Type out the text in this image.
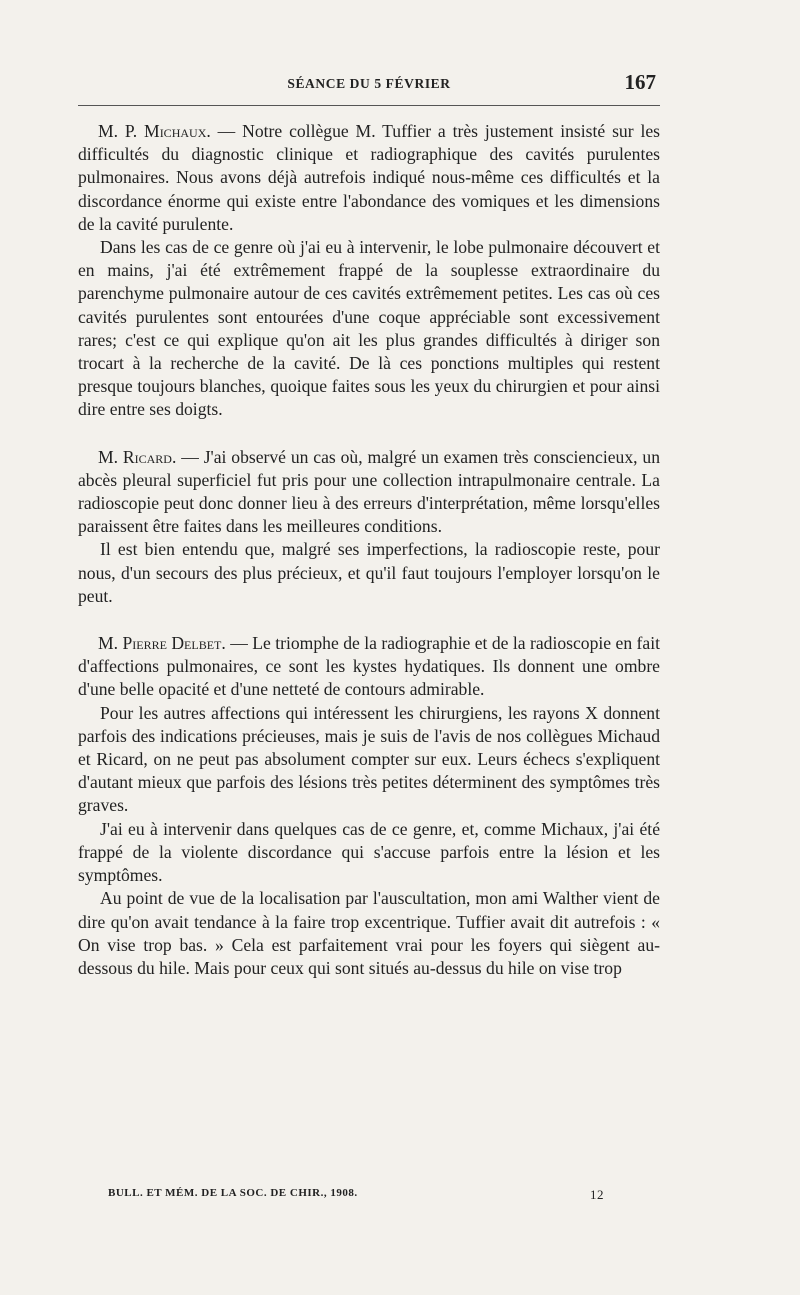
SÉANCE DU 5 FÉVRIER	167

M. P. Michaux. — Notre collègue M. Tuffier a très justement insisté sur les difficultés du diagnostic clinique et radiographique des cavités purulentes pulmonaires. Nous avons déjà autrefois indiqué nous-même ces difficultés et la discordance énorme qui existe entre l'abondance des vomiques et les dimensions de la cavité purulente.

Dans les cas de ce genre où j'ai eu à intervenir, le lobe pulmonaire découvert et en mains, j'ai été extrêmement frappé de la souplesse extraordinaire du parenchyme pulmonaire autour de ces cavités extrêmement petites. Les cas où ces cavités purulentes sont entourées d'une coque appréciable sont excessivement rares; c'est ce qui explique qu'on ait les plus grandes difficultés à diriger son trocart à la recherche de la cavité. De là ces ponctions multiples qui restent presque toujours blanches, quoique faites sous les yeux du chirurgien et pour ainsi dire entre ses doigts.

M. Ricard. — J'ai observé un cas où, malgré un examen très consciencieux, un abcès pleural superficiel fut pris pour une collection intrapulmonaire centrale. La radioscopie peut donc donner lieu à des erreurs d'interprétation, même lorsqu'elles paraissent être faites dans les meilleures conditions.

Il est bien entendu que, malgré ses imperfections, la radioscopie reste, pour nous, d'un secours des plus précieux, et qu'il faut toujours l'employer lorsqu'on le peut.

M. Pierre Delbet. — Le triomphe de la radiographie et de la radioscopie en fait d'affections pulmonaires, ce sont les kystes hydatiques. Ils donnent une ombre d'une belle opacité et d'une netteté de contours admirable.

Pour les autres affections qui intéressent les chirurgiens, les rayons X donnent parfois des indications précieuses, mais je suis de l'avis de nos collègues Michaud et Ricard, on ne peut pas absolument compter sur eux. Leurs échecs s'expliquent d'autant mieux que parfois des lésions très petites déterminent des symptômes très graves.

J'ai eu à intervenir dans quelques cas de ce genre, et, comme Michaux, j'ai été frappé de la violente discordance qui s'accuse parfois entre la lésion et les symptômes.

Au point de vue de la localisation par l'auscultation, mon ami Walther vient de dire qu'on avait tendance à la faire trop excentrique. Tuffier avait dit autrefois : « On vise trop bas. » Cela est parfaitement vrai pour les foyers qui siègent au-dessous du hile. Mais pour ceux qui sont situés au-dessus du hile on vise trop

BULL. ET MÉM. DE LA SOC. DE CHIR., 1908.	12
